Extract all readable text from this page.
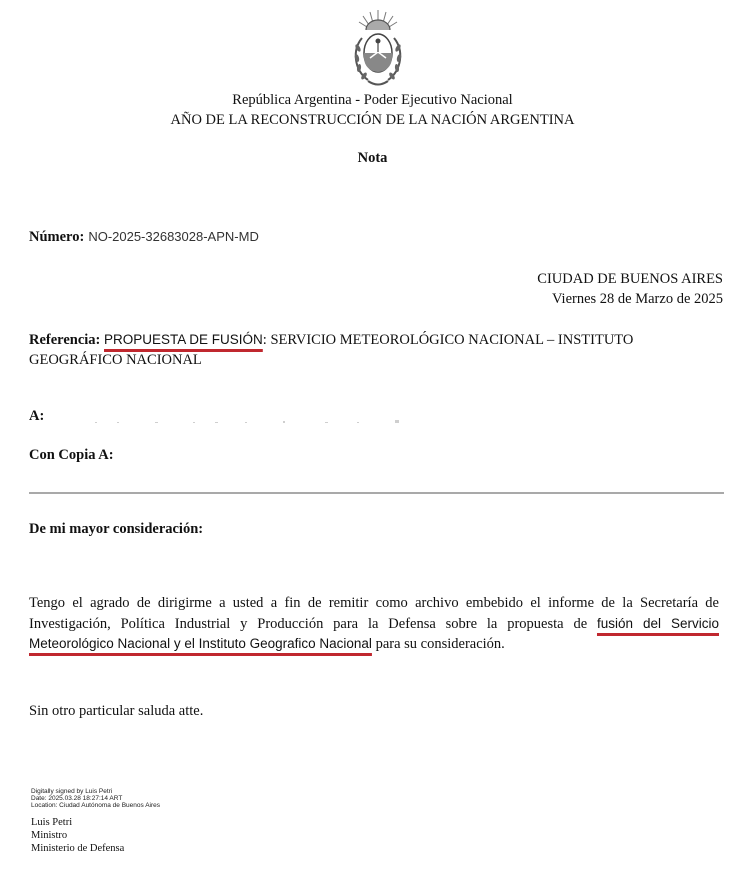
República Argentina - Poder Ejecutivo Nacional
AÑO DE LA RECONSTRUCCIÓN DE LA NACIÓN ARGENTINA
Nota
Número: NO-2025-32683028-APN-MD
CIUDAD DE BUENOS AIRES
Viernes 28 de Marzo de 2025
Referencia: PROPUESTA DE FUSIÓN: SERVICIO METEOROLÓGICO NACIONAL – INSTITUTO
GEOGRÁFICO NACIONAL
A:
Con Copia A:
De mi mayor consideración:
Tengo el agrado de dirigirme a usted a fin de remitir como archivo embebido el informe de la Secretaría de Investigación, Política Industrial y Producción para la Defensa sobre la propuesta de fusión del Servicio Meteorológico Nacional y el Instituto Geografico Nacional para su consideración.
Sin otro particular saluda atte.
Digitally signed by Luis Petri
Date: 2025.03.28 18:27:14 ART
Location: Ciudad Autónoma de Buenos Aires
Luis Petri
Ministro
Ministerio de Defensa
